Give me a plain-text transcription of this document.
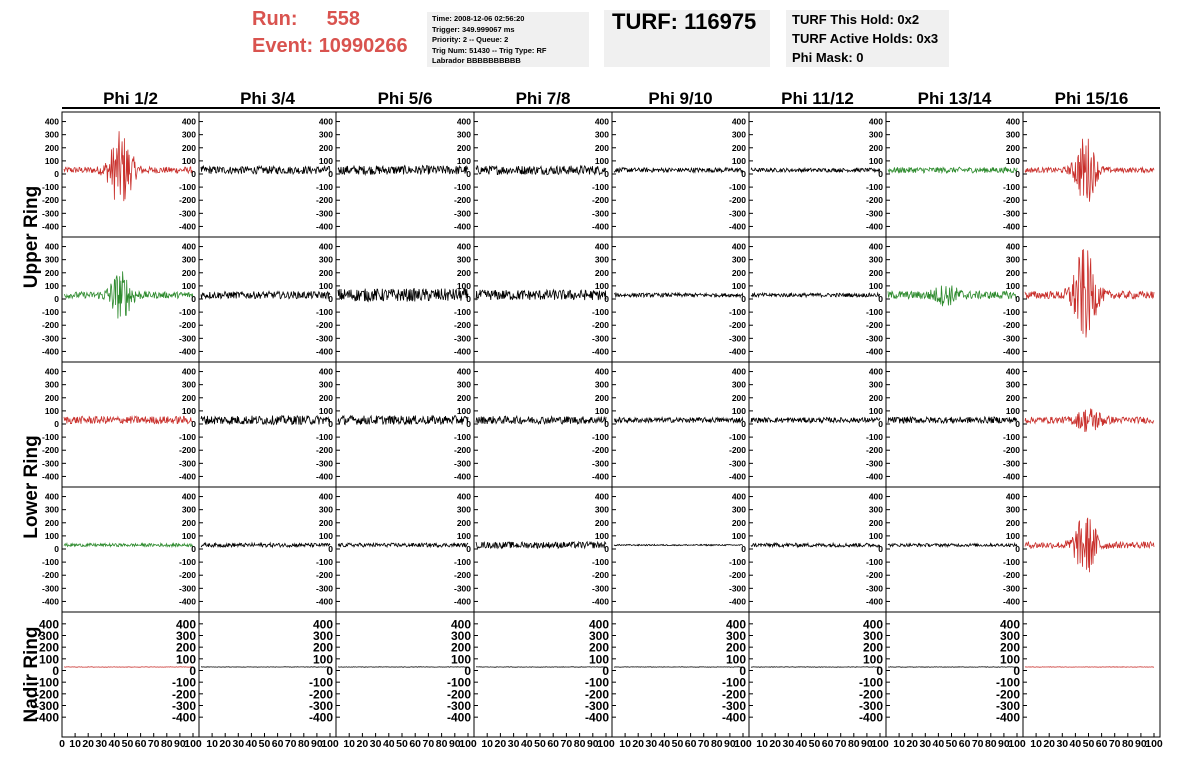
Run: 558
Event: 10990266
Time: 2008-12-06 02:56:20
Trigger: 349.999067 ms
Priority: 2 -- Queue: 2
Trig Num: 51430 -- Trig Type: RF
Labrador BBBBBBBBBB
TURF: 116975	TURF This Hold: 0x2
TURF Active Holds: 0x3
Phi Mask: 0
Phi 1/2	Phi 3/4	Phi 5/6	Phi 7/8	Phi 9/10	Phi 11/12	Phi 13/14	Phi 15/16
Upper Ring
Lower Ring
Nadir Ring
400
300
200
100
0
-100
-200
-300
-400
400
300
200
100
0
-100
-200
-300
-400
400
300
200
100
0
-100
-200
-300
-400
400
300
200
100
0
-100
-200
-300
-400
400
300
200
100
0
-100
-200
-300
-400
400
300
200
100
0
-100
-200
-300
-400
400
300
200
100
0
-100
-200
-300
-400
400
300
200
100
0
-100
-200
-300
-400
400
300
200
100
0
-100
-200
-300
-400
400
300
200
100
0
-100
-200
-300
-400
400
300
200
100
0
-100
-200
-300
-400
400
300
200
100
0
-100
-200
-300
-400
400
300
200
100
0
-100
-200
-300
-400
400
300
200
100
0
-100
-200
-300
-400
400
300
200
100
0
-100
-200
-300
-400
400
300
200
100
0
-100
-200
-300
-400
400
300
200
100
0
-100
-200
-300
-400
400
300
200
100
0
-100
-200
-300
-400
400
300
200
100
0
-100
-200
-300
-400
400
300
200
100
0
-100
-200
-300
-400
400
300
200
100
0
-100
-200
-300
-400
400
300
200
100
0
-100
-200
-300
-400
400
300
200
100
0
-100
-200
-300
-400
400
300
200
100
0
-100
-200
-300
-400
400
300
200
100
0
-100
-200
-300
-400
400
300
200
100
0
-100
-200
-300
-400
400
300
200
100
0
-100
-200
-300
-400
400
300
200
100
0
-100
-200
-300
-400
400
300
200
100
0
-100
-200
-300
-400
400
300
200
100
0
-100
-200
-300
-400
400
300
200
100
0
-100
-200
-300
-400
400
300
200
100
0
-100
-200
-300
-400
400
300
200
100
0
-100
-200
-300
-400
0 10 20 30 40 50 60 70 80 90
100
400
300
200
100
0
-100
-200
-300
-400
10 20 30 40 50 60 70 80 90
100
400
300
200
100
0
-100
-200
-300
-400
10 20 30 40 50 60 70 80 90
100
400
300
200
100
0
-100
-200
-300
-400
10 20 30 40 50 60 70 80 90
100
400
300
200
100
0
-100
-200
-300
-400
10 20 30 40 50 60 70 80 90
100
400
300
200
100
0
-100
-200
-300
-400
10 20 30 40 50 60 70 80 90
100
400
300
200
100
0
-100
-200
-300
-400
10 20 30 40 50 60 70 80 90
100
400
300
200
100
0
-100
-200
-300
-400
10 20 30 40 50 60 70 80 90
100
